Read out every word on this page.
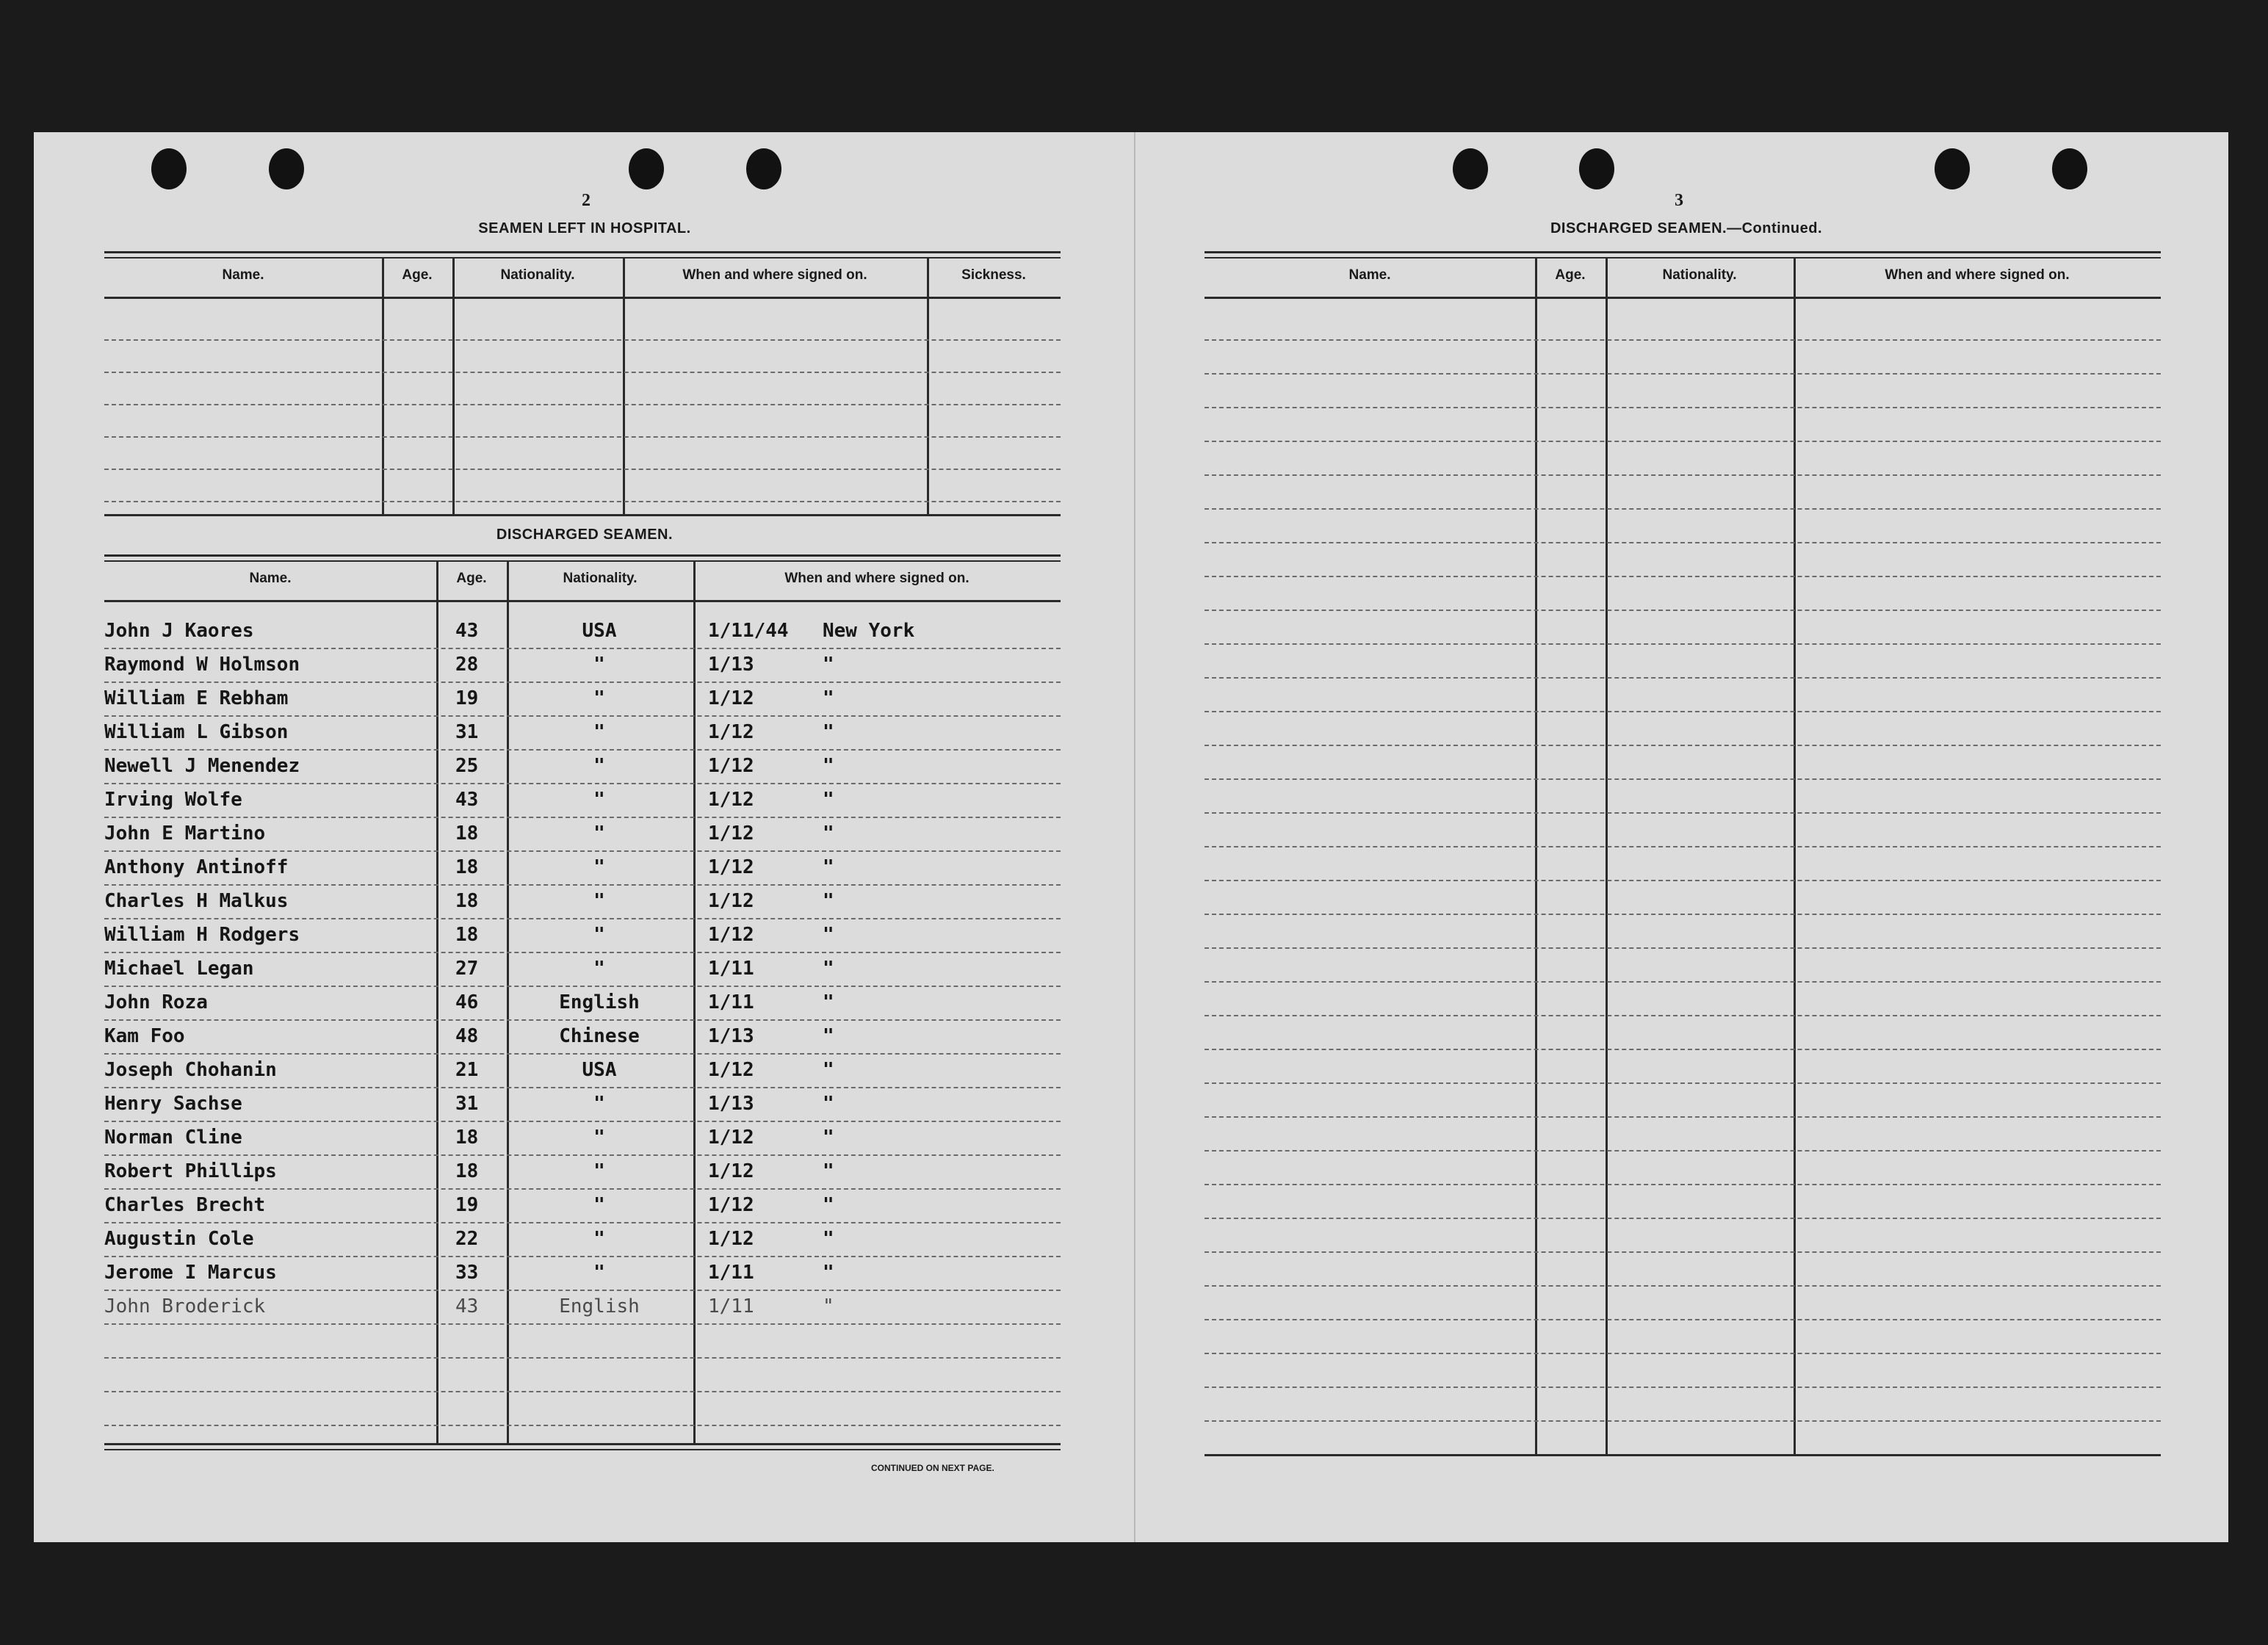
2
SEAMEN LEFT IN HOSPITAL.
Name.	Age.	Nationality.	When and where signed on.	Sickness.
DISCHARGED SEAMEN.
Name.	Age.	Nationality.	When and where signed on.
John J Kaores	43	USA	1/11/44 New York
Raymond W Holmson	28	"	1/13	"
William E Rebham	19	"	1/12	"
William L Gibson	31	"	1/12	"
Newell J Menendez	25	"	1/12	"
Irving Wolfe	43	"	1/12	"
John E Martino	18	"	1/12	"
Anthony Antinoff	18	"	1/12	"
Charles H Malkus	18	"	1/12	"
William H Rodgers	18	"	1/12	"
Michael Legan	27	"	1/11	"
John Roza	46	English	1/11	"
Kam Foo	48	Chinese	1/13	"
Joseph Chohanin	21	USA	1/12	"
Henry Sachse	31	"	1/13	"
Norman Cline	18	"	1/12	"
Robert Phillips	18	"	1/12	"
Charles Brecht	19	"	1/12	"
Augustin Cole	22	"	1/12	"
Jerome I Marcus	33	"	1/11	"
John Broderick	43	English	1/11	"
CONTINUED ON NEXT PAGE.
3
DISCHARGED SEAMEN.—Continued.
Name.	Age.	Nationality.	When and where signed on.
